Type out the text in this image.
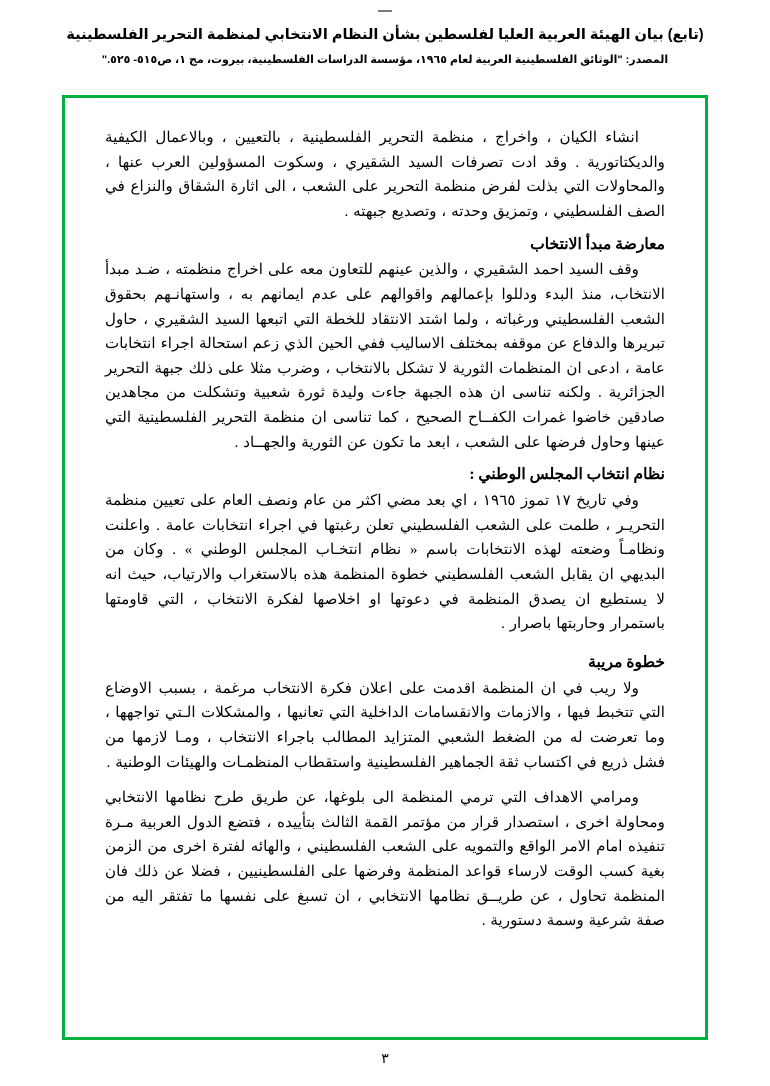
(تابع) بيان الهيئة العربية العليا لفلسطين بشأن النظام الانتخابي لمنظمة التحرير الفلسطينية
المصدر: "الوثائق الفلسطينية العربية لعام ١٩٦٥، مؤسسة الدراسات الفلسطينية، بيروت، مج ١، ص٥١٥- ٥٢٥."

انشاء الكيان ، واخراج ، منظمة التحرير الفلسطينية ، بالتعيين ، وبالاعمال الكيفية والديكتاتورية . وقد ادت تصرفات السيد الشقيري ، وسكوت المسؤولين العرب عنها ، والمحاولات التي بذلت لفرض منظمة التحرير على الشعب ، الى اثارة الشقاق والنزاع في الصف الفلسطيني ، وتمزيق وحدته ، وتصديع جبهته .

معارضة مبدأ الانتخاب

وقف السيد احمد الشقيري ، والذين عينهم للتعاون معه على اخراج منظمته ، ضـد مبدأ الانتخاب، منذ البدء ودللوا بإعمالهم واقوالهم على عدم ايمانهم به ، واستهانـهم بحقوق الشعب الفلسطيني ورغباته ، ولما اشتد الانتقاد للخطة التي اتبعها السيد الشقيري ، حاول تبريرها والدفاع عن موقفه بمختلف الاساليب ففي الحين الذي زعم استحالة اجراء انتخابات عامة ، ادعى ان المنظمات الثورية لا تشكل بالانتخاب ، وضرب مثلا على ذلك جبهة التحرير الجزائرية . ولكنه تناسى ان هذه الجبهة جاءت وليدة ثورة شعبية وتشكلت من مجاهدين صادقين خاضوا غمرات الكفــاح الصحيح ، كما تناسى ان منظمة التحرير الفلسطينية التي عينها وحاول فرضها على الشعب ، ابعد ما تكون عن الثورية والجهــاد .

نظام انتخاب المجلس الوطني :

وفي تاريخ ١٧ تموز ١٩٦٥ ، اي بعد مضي اكثر من عام ونصف العام على تعيين منظمة التحريـر ، طلمت على الشعب الفلسطيني تعلن رغبتها في اجراء انتخابات عامة . واعلنت ونظامـاً وضعته لهذه الانتخابات باسم « نظام انتخـاب المجلس الوطني » . وكان من البديهي ان يقابل الشعب الفلسطيني خطوة المنظمة هذه بالاستغراب والارتياب، حيث انه لا يستطيع ان يصدق المنظمة في دعوتها او اخلاصها لفكرة الانتخاب ، التي قاومتها باستمرار وحاربتها باصرار .

خطوة مريبة

ولا ريب في ان المنظمة اقدمت على اعلان فكرة الانتخاب مرغمة ، بسبب الاوضاع التي تتخبط فيها ، والازمات والانقسامات الداخلية التي تعانيها ، والمشكلات الـتي تواجهها ، وما تعرضت له من الضغط الشعبي المتزايد المطالب باجراء الانتخاب ، ومـا لازمها من فشل ذريع في اكتساب ثقة الجماهير الفلسطينية واستقطاب المنظمـات والهيئات الوطنية .

ومرامي الاهداف التي ترمي المنظمة الى بلوغها، عن طريق طرح نظامها الانتخابي ومحاولة اخرى ، استصدار قرار من مؤتمر القمة الثالث بتأييده ، فتضع الدول العربية مـرة تنفيذه امام الامر الواقع والتمويه على الشعب الفلسطيني ، والهائه لفترة اخرى من الزمن بغية كسب الوقت لارساء قواعد المنظمة وفرضها على الفلسطينيين ، فضلا عن ذلك فان المنظمة تحاول ، عن طريــق نظامها الانتخابي ، ان تسبغ على نفسها ما تفتقر اليه من صفة شرعية وسمة دستورية .

٣
